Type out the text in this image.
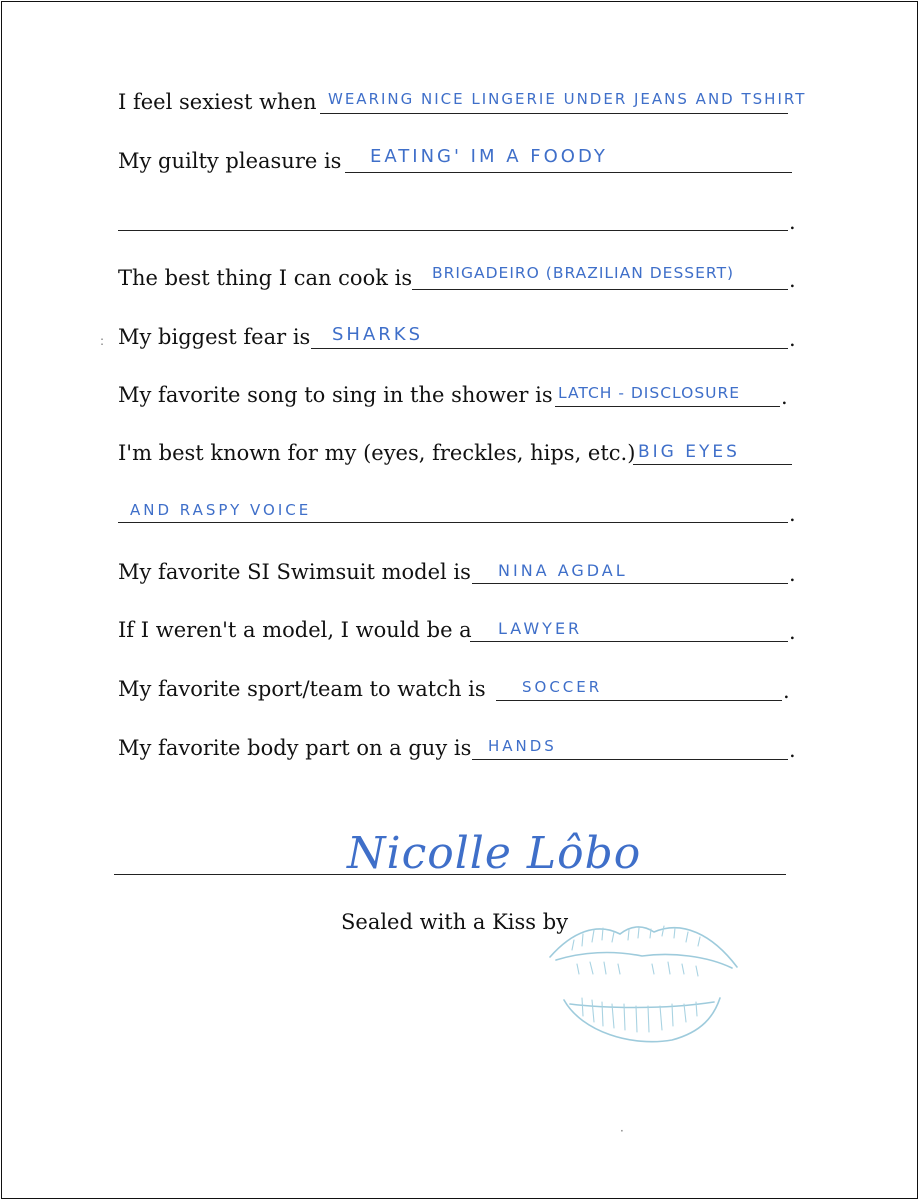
I feel sexiest when WEARING NICE LINGERIE UNDER JEANS AND TSHIRT
My guilty pleasure is EATING' IM A FOODY
.
The best thing I can cook is BRIGADEIRO (BRAZILIAN DESSERT)	.
: My biggest fear is SHARKS	.
My favorite song to sing in the shower is LATCH - DISCLOSURE .
I'm best known for my (eyes, freckles, hips, etc.) BIG EYES
AND RASPY VOICE	.
My favorite SI Swimsuit model is NINA AGDAL	.
If I weren't a model, I would be a LAWYER	.
My favorite sport/team to watch is SOCCER	.
My favorite body part on a guy is HANDS	.
Nicolle Lôbo
Sealed with a Kiss by
·
